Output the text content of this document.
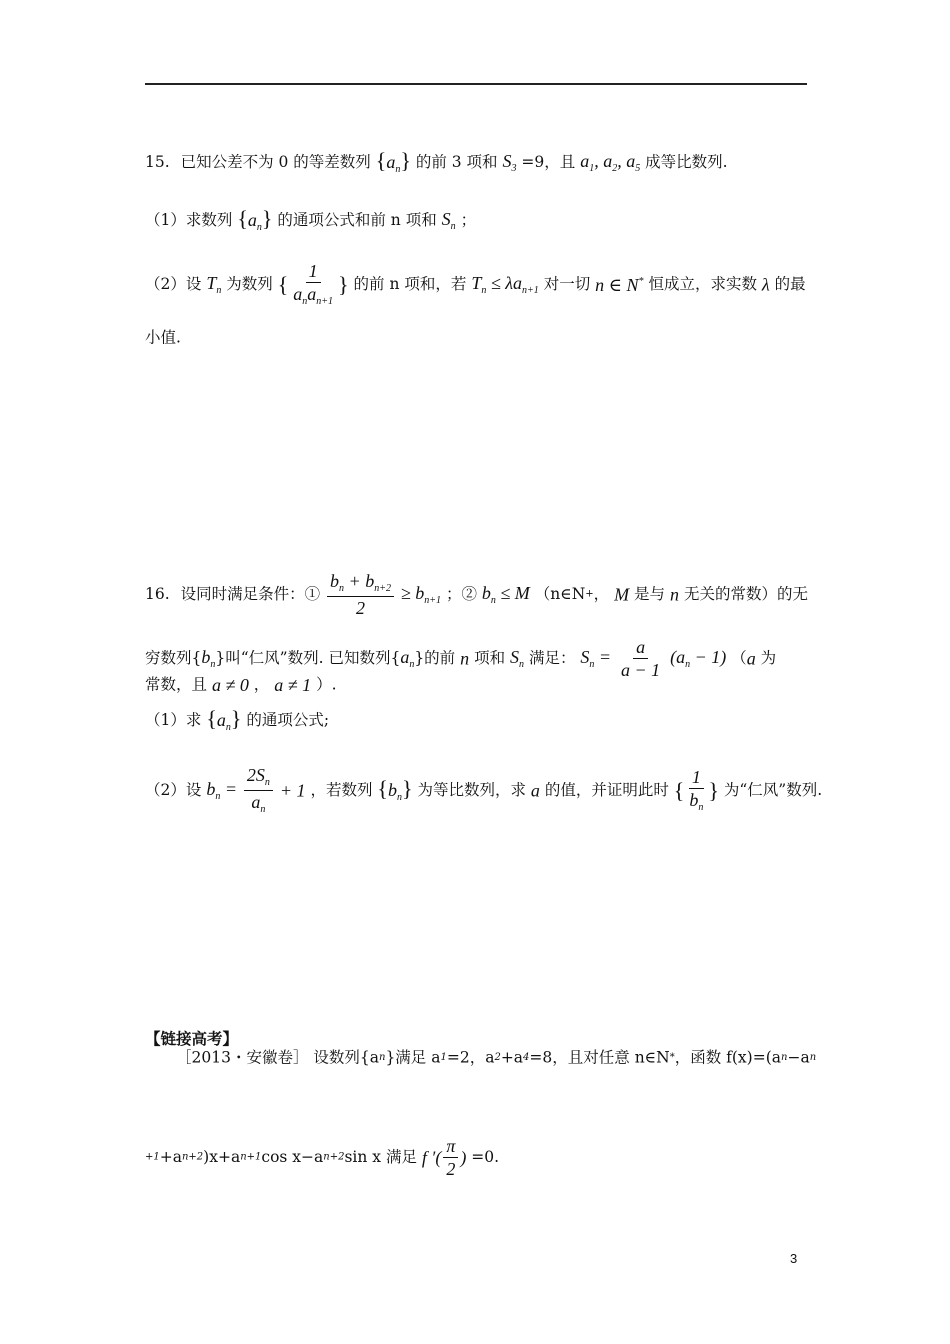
15. 已知公差不为 0 的等差数列 $\{a_n\}$ 的前 3 项和 $S_3 =9$，且 $a_1$, $a_2$, $a_5$ 成等比数列.
（1）求数列 $\{a_n\}$ 的通项公式和前 n 项和 $S_n$ ；
（2）设 $T_n$ 为数列 { $\frac{1}{a_na_{n+1}}$ } 的前 n 项和，若 $T_n \le \lambda a_{n+1}$ 对一切 n ∈ N* 恒成立，求实数 λ 的最
小值.
16. 设同时满足条件：① $\frac{b_n + b_{n+2}}{2} \ge b_{n+1}$ ；② $b_n \le M$ （n∈N+， M 是与 n 无关的常数）的无
穷数列$\{b_n\}$叫“仁风”数列. 已知数列$\{a_n\}$的前 n 项和 $S_n$ 满足： $S_n = \frac{a}{a - 1} (a_n - 1)$ （a 为
常数，且 a ≠ 0 ， a ≠ 1 ）.
（1）求 $\{a_n\}$ 的通项公式;
（2）设 $b_n = \frac{2S_n}{a_n} + 1$ ，若数列 $\{b_n\}$ 为等比数列，求 a 的值，并证明此时 { $\frac{1}{b_n}$ } 为“仁风”数列.
【链接高考】
［2013・安徽卷］ 设数列{an}满足 a1=2，a2+a4=8，且对任意 n∈N*，函数 f(x)=(an−an
+1+an+2)x+an+1cos x−an+2sin x 满足 f ′( $\frac{\pi}{2}$ ) =0.
3
